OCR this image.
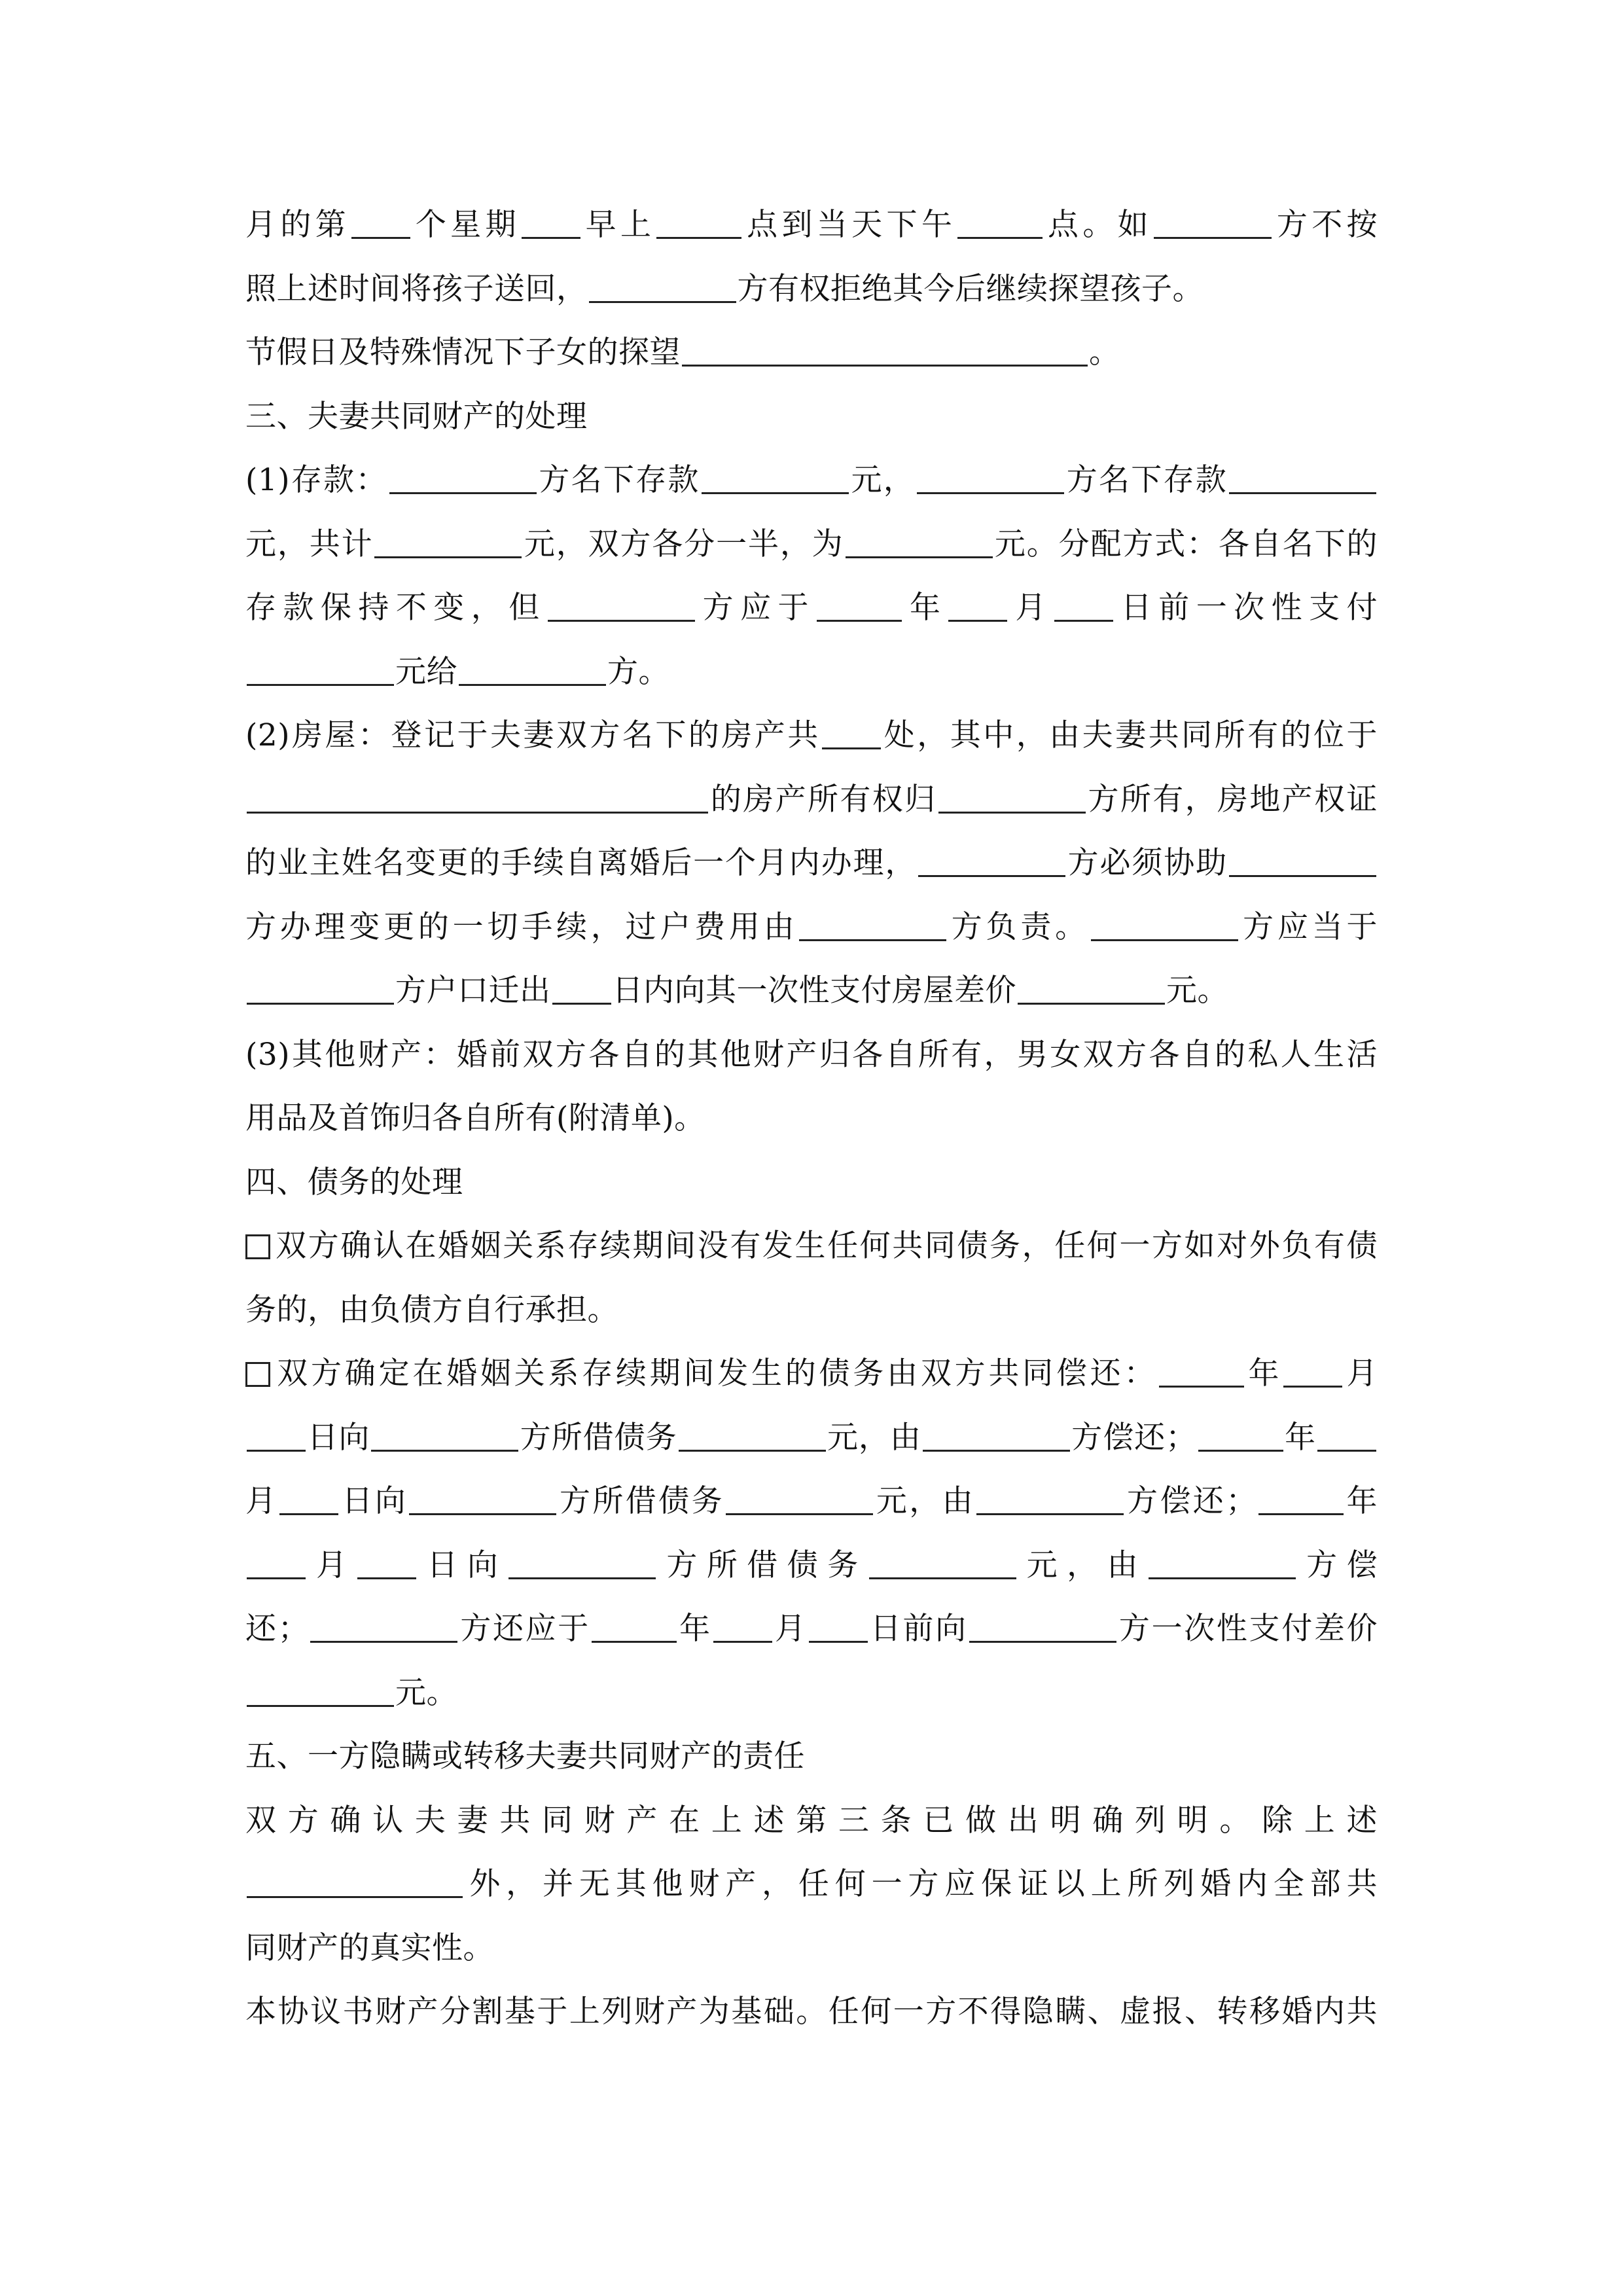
月的第 个星期 早上	点到当天下午	点。如	方不按
照上述时间将孩子送回，	方有权拒绝其今后继续探望孩子。
节假日及特殊情况下子女的探望	。
三、夫妻共同财产的处理
(1)存款：	方名下存款	元，	方名下存款
元，共计	元，双方各分一半，为	元。分配方式：各自名下的
存款保持不变，但	方应于	年 月 日前一次性支付
元给	方。
(2)房屋：登记于夫妻双方名下的房产共 处，其中，由夫妻共同所有的位于
的房产所有权归	方所有，房地产权证
的业主姓名变更的手续自离婚后一个月内办理，	方必须协助
方办理变更的一切手续，过户费用由	方负责。	方应当于
方户口迁出 日内向其一次性支付房屋差价	元。
(3)其他财产：婚前双方各自的其他财产归各自所有，男女双方各自的私人生活
用品及首饰归各自所有(附清单)。
四、债务的处理
双方确认在婚姻关系存续期间没有发生任何共同债务，任何一方如对外负有债
务的，由负债方自行承担。
双方确定在婚姻关系存续期间发生的债务由双方共同偿还：	年 月
日向	方所借债务	元，由	方偿还；	年
月 日向	方所借债务	元，由	方偿还；	年
月 日向	方所借债务	元，由	方偿
还；	方还应于	年 月 日前向	方一次性支付差价
元。
五、一方隐瞒或转移夫妻共同财产的责任
双方确认夫妻共同财产在上述第三条已做出明确列明。除上述
外，并无其他财产，任何一方应保证以上所列婚内全部共
同财产的真实性。
本协议书财产分割基于上列财产为基础。任何一方不得隐瞒、虚报、转移婚内共
